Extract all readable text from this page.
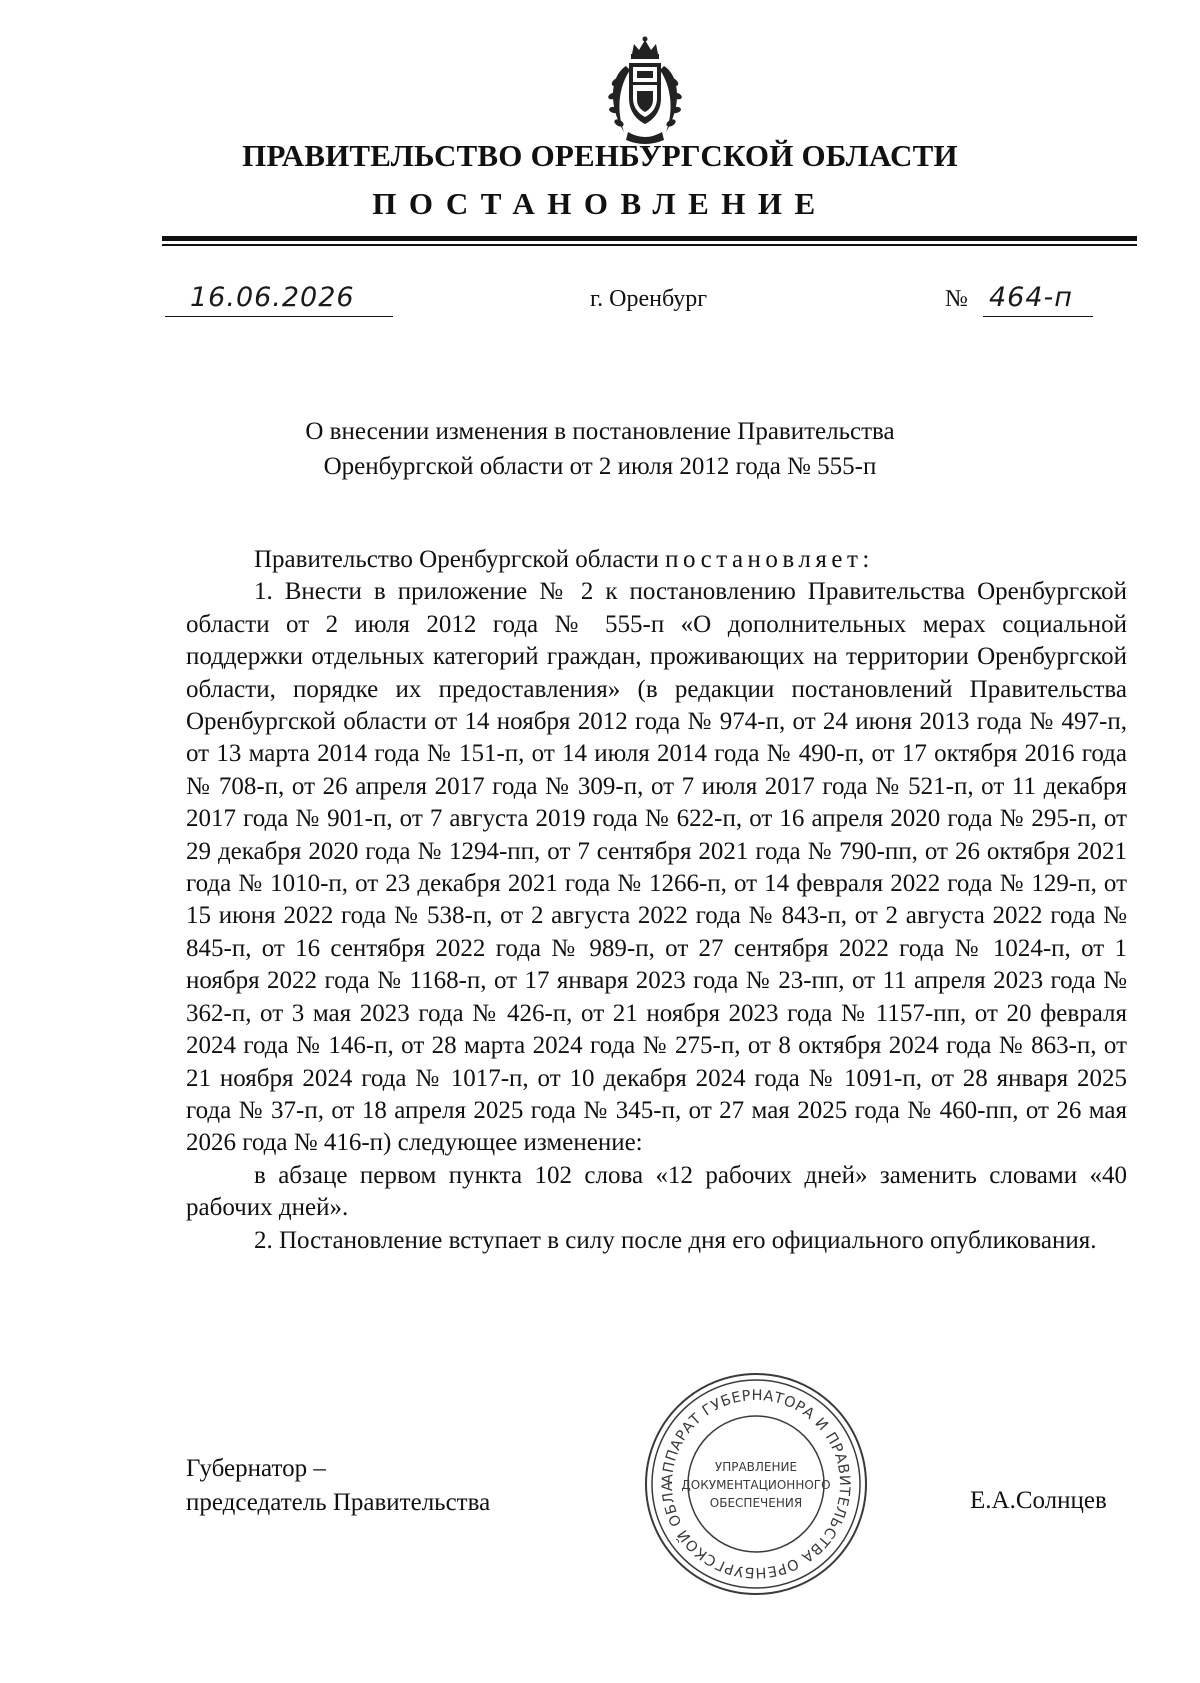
ПРАВИТЕЛЬСТВО ОРЕНБУРГСКОЙ ОБЛАСТИ
ПОСТАНОВЛЕНИЕ
16.06.2026	г. Оренбург	№ 464-п
О внесении изменения в постановление Правительства
Оренбургской области от 2 июля 2012 года № 555-п

Правительство Оренбургской области постановляет:

1. Внести в приложение № 2 к постановлению Правительства Оренбургской области от 2 июля 2012 года № 555-п «О дополнительных мерах социальной поддержки отдельных категорий граждан, проживающих на территории Оренбургской области, порядке их предоставления» (в редакции постановлений Правительства Оренбургской области от 14 ноября 2012 года № 974-п, от 24 июня 2013 года № 497-п, от 13 марта 2014 года № 151-п, от 14 июля 2014 года № 490-п, от 17 октября 2016 года № 708-п, от 26 апреля 2017 года № 309-п, от 7 июля 2017 года № 521-п, от 11 декабря 2017 года № 901-п, от 7 августа 2019 года № 622-п, от 16 апреля 2020 года № 295-п, от 29 декабря 2020 года № 1294-пп, от 7 сентября 2021 года № 790-пп, от 26 октября 2021 года № 1010-п, от 23 декабря 2021 года № 1266-п, от 14 февраля 2022 года № 129-п, от 15 июня 2022 года № 538-п, от 2 августа 2022 года № 843-п, от 2 августа 2022 года № 845-п, от 16 сентября 2022 года № 989-п, от 27 сентября 2022 года № 1024-п, от 1 ноября 2022 года № 1168-п, от 17 января 2023 года № 23-пп, от 11 апреля 2023 года № 362-п, от 3 мая 2023 года № 426-п, от 21 ноября 2023 года № 1157-пп, от 20 февраля 2024 года № 146-п, от 28 марта 2024 года № 275-п, от 8 октября 2024 года № 863-п, от 21 ноября 2024 года № 1017-п, от 10 декабря 2024 года № 1091-п, от 28 января 2025 года № 37-п, от 18 апреля 2025 года № 345-п, от 27 мая 2025 года № 460-пп, от 26 мая 2026 года № 416-п) следующее изменение:

в абзаце первом пункта 102 слова «12 рабочих дней» заменить словами «40 рабочих дней».

2. Постановление вступает в силу после дня его официального опубликования.

Губернатор –
председатель Правительства	Е.А.Солнцев
АППАРАТ ГУБЕРНАТОРА И ПРАВИТЕЛЬСТВА ОРЕНБУРГСКОЙ ОБЛА
УПРАВЛЕНИЕ
ДОКУМЕНТАЦИОННОГО
ОБЕСПЕЧЕНИЯ
